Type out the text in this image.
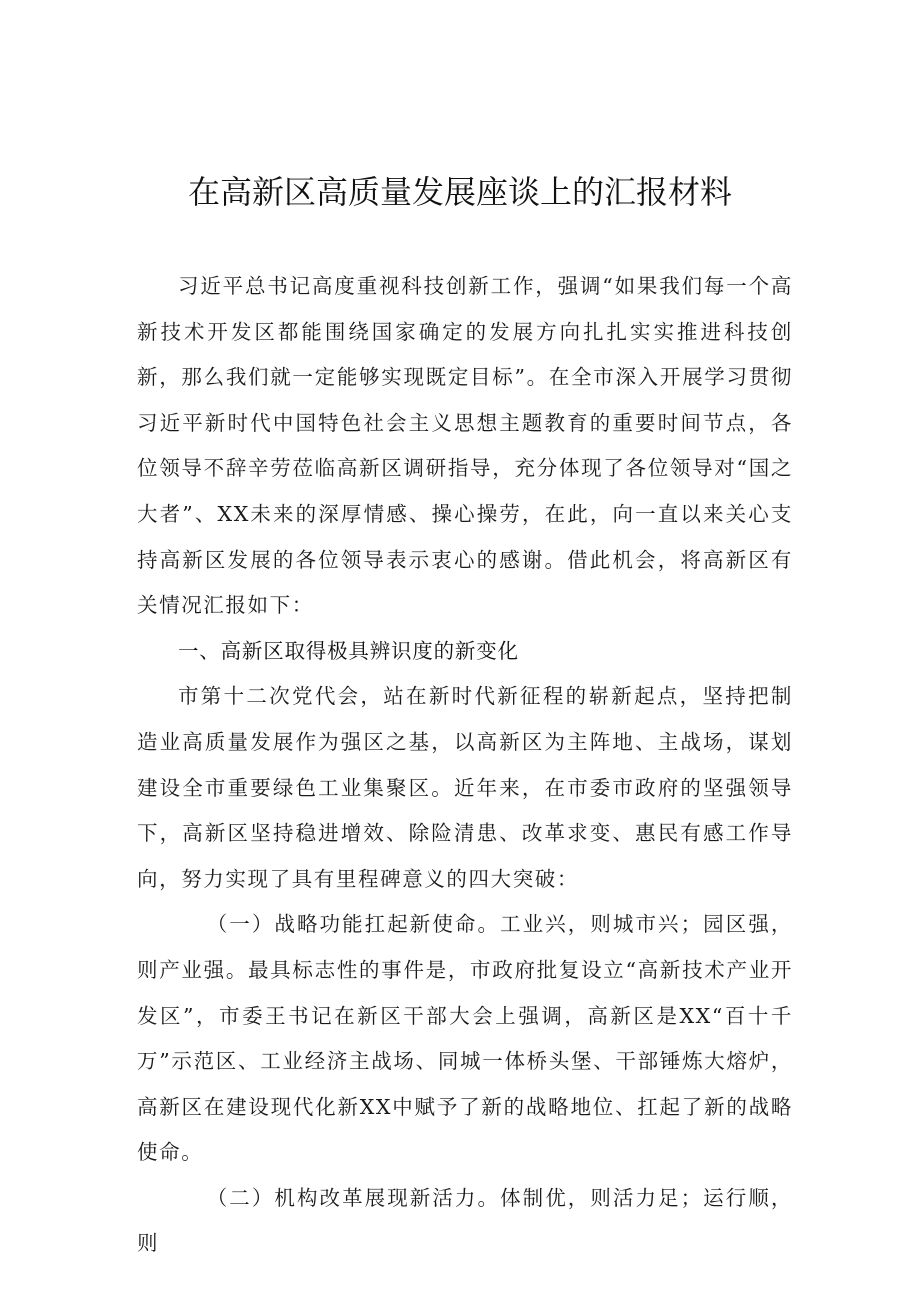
在高新区高质量发展座谈上的汇报材料

习近平总书记高度重视科技创新工作，强调“如果我们每一个高新技术开发区都能围绕国家确定的发展方向扎扎实实推进科技创新，那么我们就一定能够实现既定目标”。在全市深入开展学习贯彻习近平新时代中国特色社会主义思想主题教育的重要时间节点，各位领导不辞辛劳莅临高新区调研指导，充分体现了各位领导对“国之大者”、XX未来的深厚情感、操心操劳，在此，向一直以来关心支持高新区发展的各位领导表示衷心的感谢。借此机会，将高新区有关情况汇报如下：

一、高新区取得极具辨识度的新变化

市第十二次党代会，站在新时代新征程的崭新起点，坚持把制造业高质量发展作为强区之基，以高新区为主阵地、主战场，谋划建设全市重要绿色工业集聚区。近年来，在市委市政府的坚强领导下，高新区坚持稳进增效、除险清患、改革求变、惠民有感工作导向，努力实现了具有里程碑意义的四大突破：

（一）战略功能扛起新使命。工业兴，则城市兴；园区强，则产业强。最具标志性的事件是，市政府批复设立“高新技术产业开发区”，市委王书记在新区干部大会上强调，高新区是XX“百十千万”示范区、工业经济主战场、同城一体桥头堡、干部锤炼大熔炉，高新区在建设现代化新XX中赋予了新的战略地位、扛起了新的战略使命。

（二）机构改革展现新活力。体制优，则活力足；运行顺，则
